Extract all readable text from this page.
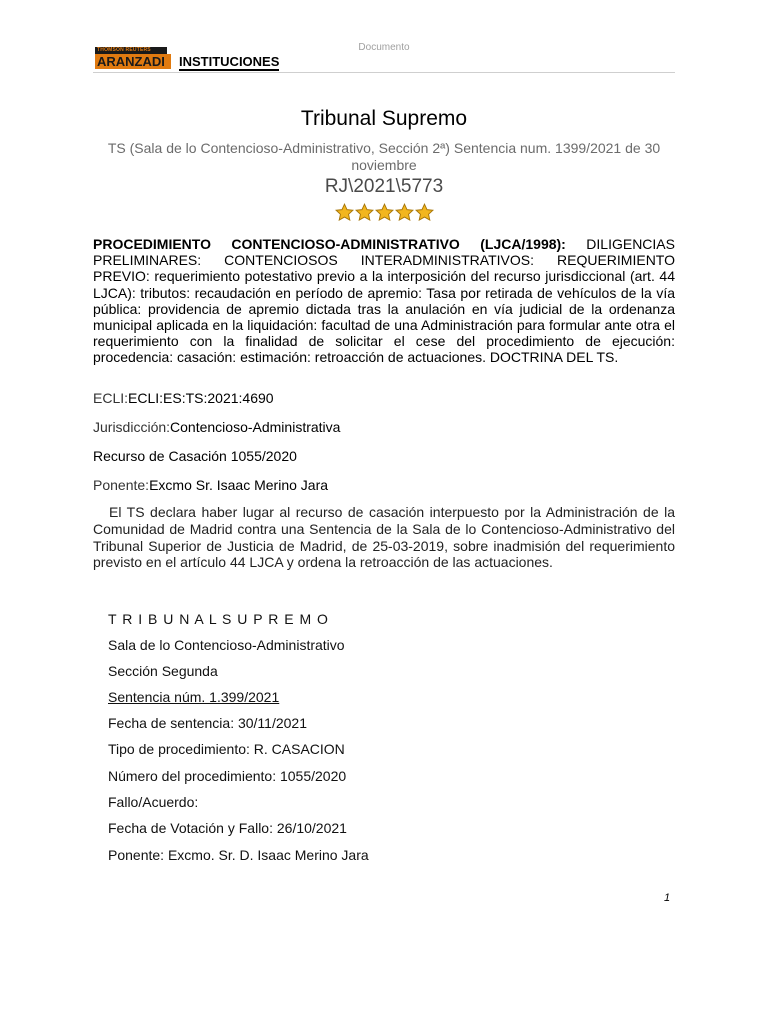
Documento
THOMSON REUTERS
ARANZADI	INSTITUCIONES
Tribunal Supremo
TS (Sala de lo Contencioso-Administrativo, Sección 2ª) Sentencia num. 1399/2021 de 30 noviembre
RJ\2021\5773
PROCEDIMIENTO CONTENCIOSO-ADMINISTRATIVO (LJCA/1998): DILIGENCIAS PRELIMINARES: CONTENCIOSOS INTERADMINISTRATIVOS: REQUERIMIENTO PREVIO: requerimiento potestativo previo a la interposición del recurso jurisdiccional (art. 44 LJCA): tributos: recaudación en período de apremio: Tasa por retirada de vehículos de la vía pública: providencia de apremio dictada tras la anulación en vía judicial de la ordenanza municipal aplicada en la liquidación: facultad de una Administración para formular ante otra el requerimiento con la finalidad de solicitar el cese del procedimiento de ejecución: procedencia: casación: estimación: retroacción de actuaciones. DOCTRINA DEL TS.
ECLI:ECLI:ES:TS:2021:4690
Jurisdicción:Contencioso-Administrativa
Recurso de Casación 1055/2020
Ponente:Excmo Sr. Isaac Merino Jara
El TS declara haber lugar al recurso de casación interpuesto por la Administración de la Comunidad de Madrid contra una Sentencia de la Sala de lo Contencioso-Administrativo del Tribunal Superior de Justicia de Madrid, de 25-03-2019, sobre inadmisión del requerimiento previsto en el artículo 44 LJCA y ordena la retroacción de las actuaciones.
T R I B U N A L S U P R E M O
Sala de lo Contencioso-Administrativo
Sección Segunda
Sentencia núm. 1.399/2021
Fecha de sentencia: 30/11/2021
Tipo de procedimiento: R. CASACION
Número del procedimiento: 1055/2020
Fallo/Acuerdo:
Fecha de Votación y Fallo: 26/10/2021
Ponente: Excmo. Sr. D. Isaac Merino Jara
1
